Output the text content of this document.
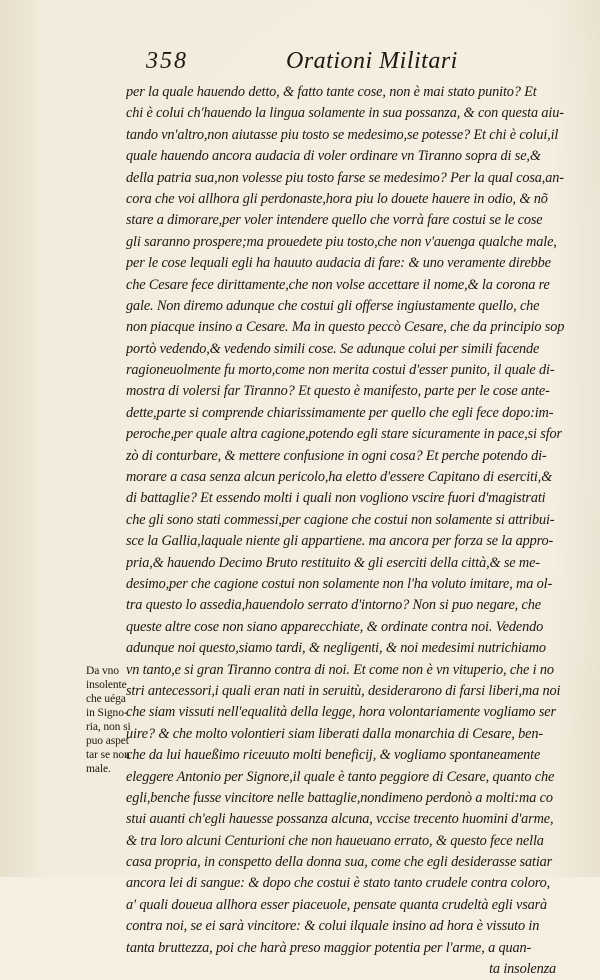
358	Orationi Militari
per la quale hauendo detto, & fatto tante cose, non è mai stato punito? Et
chi è colui ch'hauendo la lingua solamente in sua possanza, & con questa aiu-
tando vn'altro,non aiutasse piu tosto se medesimo,se potesse? Et chi è colui,il
quale hauendo ancora audacia di voler ordinare vn Tiranno sopra di se,&
della patria sua,non volesse piu tosto farse se medesimo? Per la qual cosa,an-
cora che voi allhora gli perdonaste,hora piu lo douete hauere in odio, & nõ
stare a dimorare,per voler intendere quello che vorrà fare costui se le cose
gli saranno prospere;ma prouedete piu tosto,che non v'auenga qualche male,
per le cose lequali egli ha hauuto audacia di fare: & uno veramente direbbe
che Cesare fece dirittamente,che non volse accettare il nome,& la corona re
gale. Non diremo adunque che costui gli offerse ingiustamente quello, che
non piacque insino a Cesare. Ma in questo peccò Cesare, che da principio sop
portò vedendo,& vedendo simili cose. Se adunque colui per simili facende
ragioneuolmente fu morto,come non merita costui d'esser punito, il quale di-
mostra di volersi far Tiranno? Et questo è manifesto, parte per le cose ante-
dette,parte si comprende chiarissimamente per quello che egli fece dopo:im-
peroche,per quale altra cagione,potendo egli stare sicuramente in pace,si sfor
zò di conturbare, & mettere confusione in ogni cosa? Et perche potendo di-
morare a casa senza alcun pericolo,ha eletto d'essere Capitano di eserciti,&
di battaglie? Et essendo molti i quali non vogliono vscire fuori d'magistrati
che gli sono stati commessi,per cagione che costui non solamente si attribui-
sce la Gallia,laquale niente gli appartiene. ma ancora per forza se la appro-
pria,& hauendo Decimo Bruto restituito & gli eserciti della città,& se me-
desimo,per che cagione costui non solamente non l'ha voluto imitare, ma ol-
tra questo lo assedia,hauendolo serrato d'intorno? Non si puo negare, che
queste altre cose non siano apparecchiate, & ordinate contra noi. Vedendo
adunque noi questo,siamo tardi, & negligenti, & noi medesimi nutrichiamo
vn tanto,e si gran Tiranno contra di noi. Et come non è vn vituperio, che i no
stri antecessori,i quali eran nati in seruitù, desiderarono di farsi liberi,ma noi
che siam vissuti nell'equalità della legge, hora volontariamente vogliamo ser
uire? & che molto volontieri siam liberati dalla monarchia di Cesare, ben-
che da lui haueßimo riceuuto molti beneficij, & vogliamo spontaneamente
eleggere Antonio per Signore,il quale è tanto peggiore di Cesare, quanto che
egli,benche fusse vincitore nelle battaglie,nondimeno perdonò a molti:ma co
stui auanti ch'egli hauesse possanza alcuna, vccise trecento huomini d'arme,
& tra loro alcuni Centurioni che non haueuano errato, & questo fece nella
casa propria, in conspetto della donna sua, come che egli desiderasse satiar
ancora lei di sangue: & dopo che costui è stato tanto crudele contra coloro,
a' quali doueua allhora esser piaceuole, pensate quanta crudeltà egli vsarà
contra noi, se ei sarà vincitore: & colui ilquale insino ad hora è vissuto in
tanta bruttezza, poi che harà preso maggior potentia per l'arme, a quan-
ta insolenza
Da vno
insolente
che uéga
in Signo-
ria, non si
puo aspet
tar se non
male.
